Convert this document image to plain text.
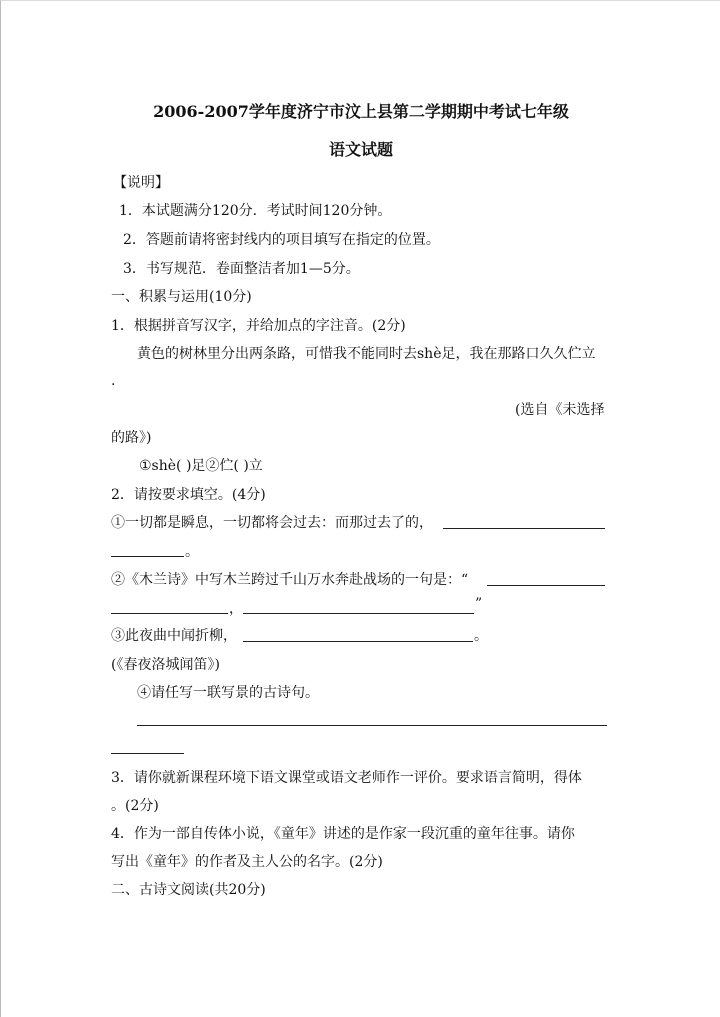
2006-2007学年度济宁市汶上县第二学期期中考试七年级
语文试题
【说明】
1．本试题满分120分．考试时间120分钟。
2．答题前请将密封线内的项目填写在指定的位置。
3．书写规范．卷面整洁者加1—5分。
一、积累与运用(10分)
1．根据拼音写汉字，并给加点的字注音。(2分)
黄色的树林里分出两条路，可惜我不能同时去shè足，我在那路口久久伫立
.
(选自《未选择
的路》)
①shè( )足②伫( )立
2．请按要求填空。(4分)
①一切都是瞬息，一切都将会过去：而那过去了的，
。
②《木兰诗》中写木兰跨过千山万水奔赴战场的一句是：“
，	”
③此夜曲中闻折柳，	。
(《春夜洛城闻笛》)
④请任写一联写景的古诗句。
3．请你就新课程环境下语文课堂或语文老师作一评价。要求语言简明，得体
。(2分)
4．作为一部自传体小说，《童年》讲述的是作家一段沉重的童年往事。请你
写出《童年》的作者及主人公的名字。(2分)
二、古诗文阅读(共20分)
